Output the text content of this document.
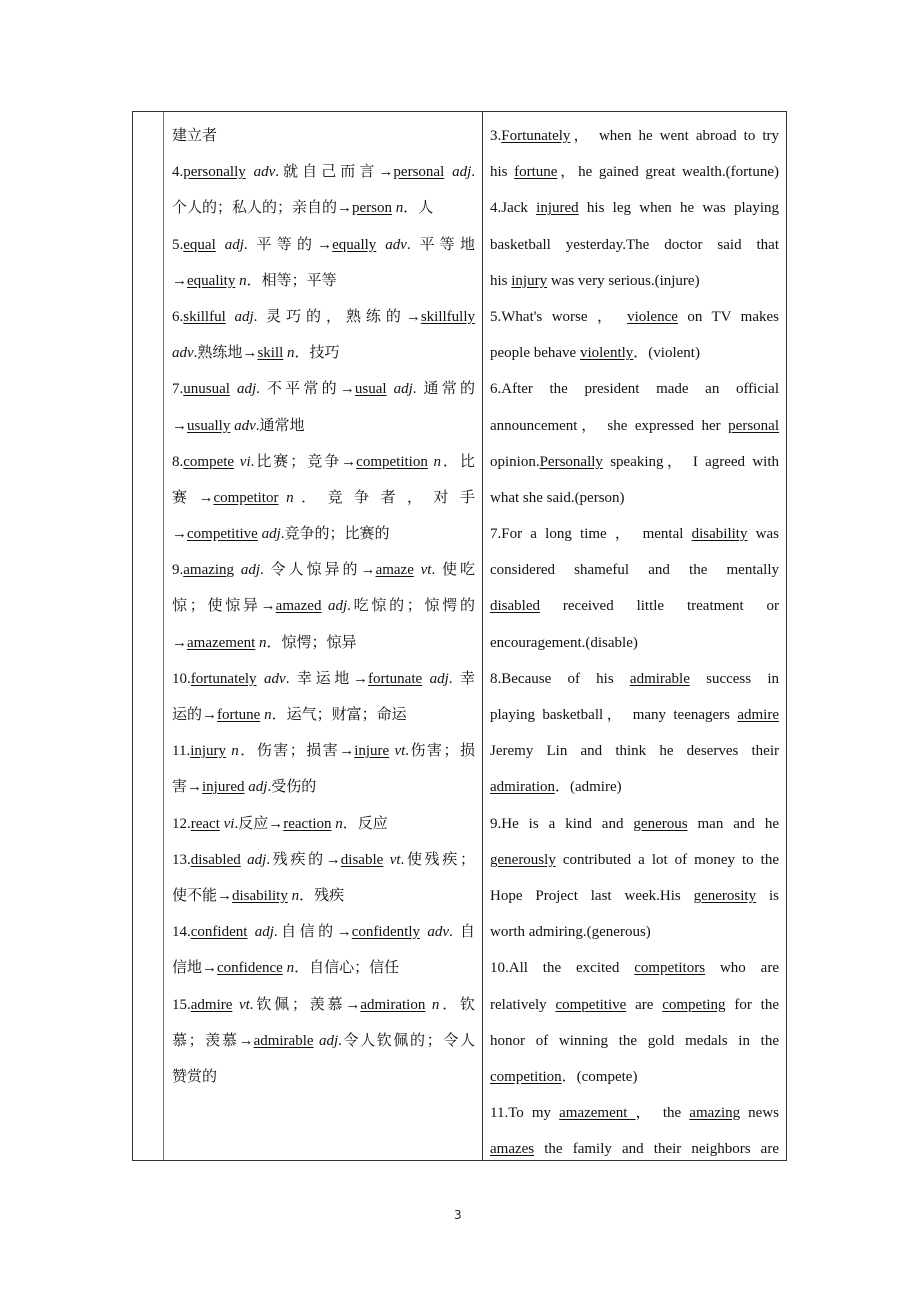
建立者
4.personally adv.就自己而言→personal adj.
个人的；私人的；亲自的→person n．人
5.equal adj. 平等的→equally adv. 平等地
→equality n．相等；平等
6.skillful adj. 灵巧的，熟练的→skillfully
adv.熟练地→skill n．技巧
7.unusual adj. 不平常的→usual adj. 通常的
→usually adv.通常地
8.compete vi.比赛；竞争→competition n．比
赛 →competitor n ． 竞 争 者 ， 对 手
→competitive adj.竞争的；比赛的
9.amazing adj. 令人惊异的→amaze vt. 使吃
惊；使惊异→amazed adj.吃惊的；惊愕的
→amazement n．惊愕；惊异
10.fortunately adv. 幸运地→fortunate adj. 幸
运的→fortune n．运气；财富；命运
11.injury n．伤害；损害→injure vt.伤害；损
害→injured adj.受伤的
12.react vi.反应→reaction n．反应
13.disabled adj.残疾的→disable vt.使残疾；
使不能→disability n．残疾
14.confident adj.自信的→confidently adv. 自
信地→confidence n．自信心；信任
15.admire vt.钦佩；羡慕→admiration n．钦
慕；羡慕→admirable adj.令人钦佩的；令人
赞赏的
3.Fortunately， when he went abroad to try
his fortune，he gained great wealth.(fortune)
4.Jack injured his leg when he was playing
basketball yesterday.The doctor said that
his injury was very serious.(injure)
5.What's worse ， violence on TV makes
people behave violently．(violent)
6.After the president made an official
announcement， she expressed her personal
opinion.Personally speaking， I agreed with
what she said.(person)
7.For a long time ， mental disability was
considered shameful and the mentally
disabled received little treatment or
encouragement.(disable)
8.Because of his admirable success in
playing basketball， many teenagers admire
Jeremy Lin and think he deserves their
admiration．(admire)
9.He is a kind and generous man and he
generously contributed a lot of money to the
Hope Project last week.His generosity is
worth admiring.(generous)
10.All the excited competitors who are
relatively competitive are competing for the
honor of winning the gold medals in the
competition．(compete)
11.To my amazement ， the amazing news
amazes the family and their neighbors are
3
